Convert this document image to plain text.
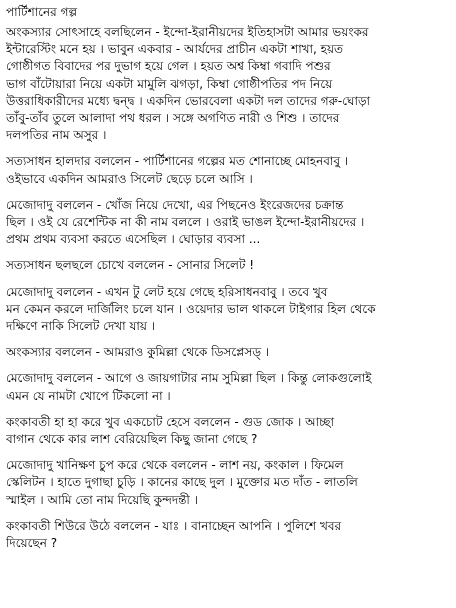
পার্টিশানের গল্প
অংকস্যার সোৎসাহে বলছিলেন - ইন্দো-ইরানীয়দের ইতিহাসটা আমার ভয়ংকর
ইন্টারেস্টিং মনে হয় । ভাবুন একবার - আর্যদের প্রাচীন একটা শাখা, হয়ত
গোষ্ঠীগত বিবাদের পর দুভাগ হয়ে গেল । হয়ত অশ্ব কিম্বা গবাদি পশুর
ভাগ বাঁটোয়ারা নিয়ে একটা মামুলি ঝগড়া, কিম্বা গোষ্ঠীপতির পদ নিয়ে
উত্তরাধিকারীদের মধ্যে দ্বন্দ্ব । একদিন ভোরবেলা একটা দল তাদের গরু-ঘোড়া
তাঁবু-তাঁব তুলে আলাদা পথ ধরল । সঙ্গে অগণিত নারী ও শিশু । তাদের
দলপতির নাম অসুর ।
সত্যসাধন হালদার বললেন - পার্টিশানের গল্পের মত শোনাচ্ছে মোহনবাবু ।
ওইভাবে একদিন আমরাও সিলেট ছেড়ে চলে আসি ।
মেজোদাদু বললেন - খোঁজ নিয়ে দেখো, এর পিছনেও ইংরেজদের চক্রান্ত
ছিল । ওই যে রেশেন্টিক না কী নাম বললে । ওরাই ভাঙল ইন্দো-ইরানীয়দের ।
প্রথম প্রথম ব্যবসা করতে এসেছিল । ঘোড়ার ব্যবসা ...
সত্যসাধন ছলছলে চোখে বললেন - সোনার সিলেট !
মেজোদাদু বললেন - এখন টু লেট হয়ে গেছে হরিসাধনবাবু । তবে খুব
মন কেমন করলে দার্জিলিং চলে যান । ওয়েদার ভাল থাকলে টাইগার হিল থেকে
দক্ষিণে নাকি সিলেট দেখা যায় ।
অংকস্যার বললেন - আমরাও কুমিল্লা থেকে ডিসপ্লেসড্ ।
মেজোদাদু বললেন - আগে ও জায়গাটার নাম সুমিল্লা ছিল । কিন্তু লোকগুলোই
এমন যে নামটা খোপে টিকলো না ।
কংকাবতী হা হা করে খুব একচোট হেসে বললেন - গুড জোক । আচ্ছা
বাগান থেকে কার লাশ বেরিয়েছিল কিছু জানা গেছে ?
মেজোদাদু খানিক্ষণ চুপ করে থেকে বললেন - লাশ নয়, কংকাল । ফিমেল
স্কেলিটন । হাতে দুগাছা চুড়ি । কানের কাছে দুল । মুক্তোর মত দাঁত - লাতলি
স্মাইল । আমি তো নাম দিয়েছি কুন্দদন্তী ।
কংকাবতী শিউরে উঠে বললেন - যাঃ । বানাচ্ছেন আপনি । পুলিশে খবর
দিয়েছেন ?
